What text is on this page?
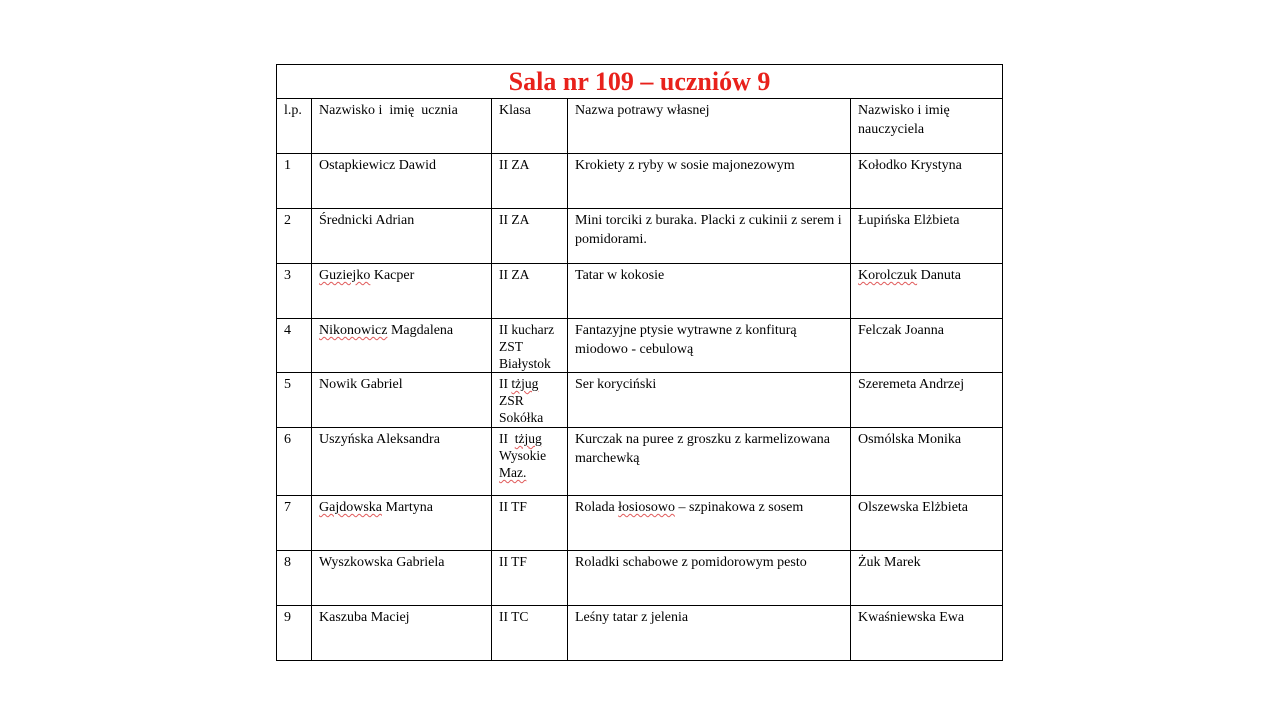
Sala nr 109 – uczniów 9				

l.p.	Nazwisko i  imię  ucznia	Klasa	Nazwa potrawy własnej	Nazwisko i imię nauczyciela

1	Ostapkiewicz Dawid	II ZA	Krokiety z ryby w sosie majonezowym	Kołodko Krystyna

2	Średnicki Adrian	II ZA	Mini torciki z buraka. Placki z cukinii z serem i pomidorami.	Łupińska Elżbieta

3	Guziejko Kacper	II ZA	Tatar w kokosie	Korolczuk Danuta

4	Nikonowicz Magdalena	II kucharz
ZST
Białystok	Fantazyjne ptysie wytrawne z konfiturą miodowo - cebulową	Felczak Joanna

5	Nowik Gabriel	II tżjug
ZSR
Sokółka	Ser koryciński	Szeremeta Andrzej

6	Uszyńska Aleksandra	II  tżjug
Wysokie
Maz.	Kurczak na puree z groszku z karmelizowana marchewką	Osmólska Monika

7	Gajdowska Martyna	II TF	Rolada łosiosowo – szpinakowa z sosem	Olszewska Elżbieta

8	Wyszkowska Gabriela	II TF	Roladki schabowe z pomidorowym pesto	Żuk Marek

9	Kaszuba Maciej	II TC	Leśny tatar z jelenia	Kwaśniewska Ewa
